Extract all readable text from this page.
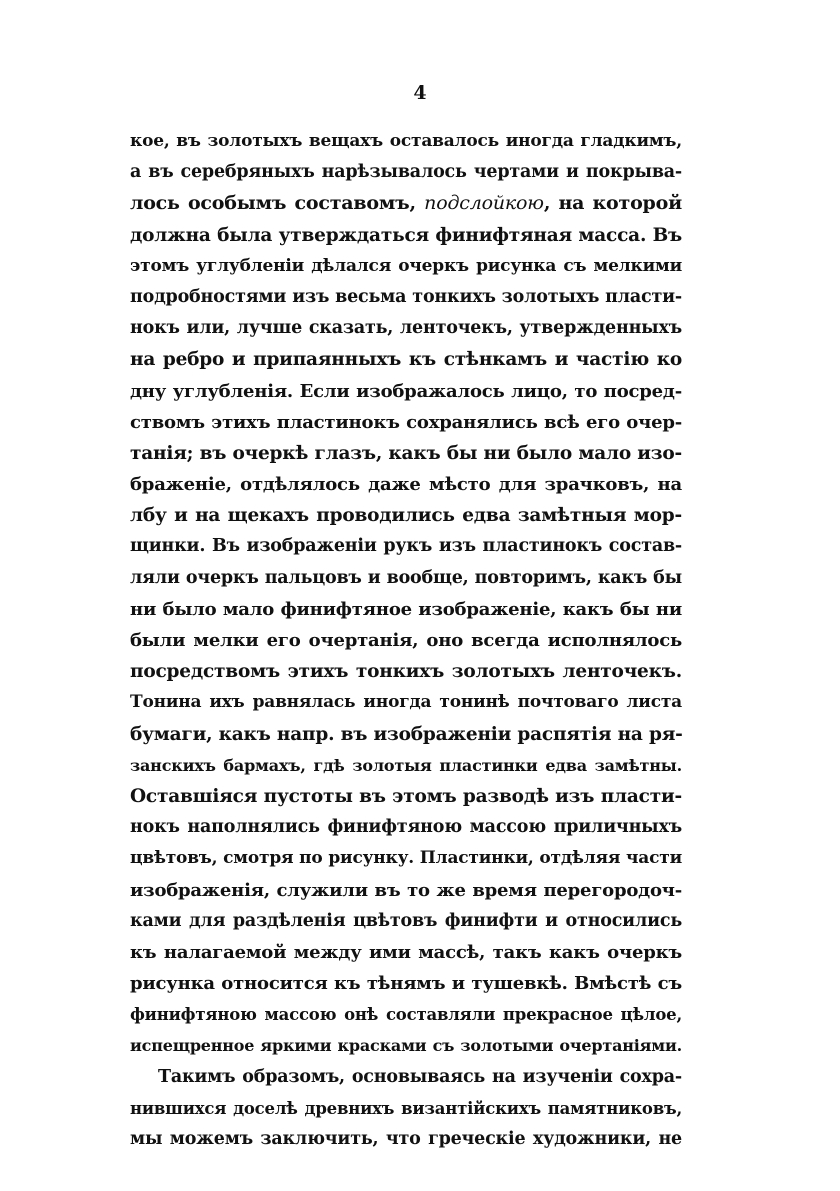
4
кое, въ золотыхъ вещахъ оставалось иногда гладкимъ,
а въ серебряныхъ нарѣзывалось чертами и покрыва-
лось особымъ составомъ, подслойкою, на которой
должна была утверждаться финифтяная масса. Въ
этомъ углубленіи дѣлался очеркъ рисунка съ мелкими
подробностями изъ весьма тонкихъ золотыхъ пласти-
нокъ или, лучше сказать, ленточекъ, утвержденныхъ
на ребро и припаянныхъ къ стѣнкамъ и частію ко
дну углубленія. Если изображалось лицо, то посред-
ствомъ этихъ пластинокъ сохранялись всѣ его очер-
танія; въ очеркѣ глазъ, какъ бы ни было мало изо-
браженіе, отдѣлялось даже мѣсто для зрачковъ, на
лбу и на щекахъ проводились едва замѣтныя мор-
щинки. Въ изображеніи рукъ изъ пластинокъ состав-
ляли очеркъ пальцовъ и вообще, повторимъ, какъ бы
ни было мало финифтяное изображеніе, какъ бы ни
были мелки его очертанія, оно всегда исполнялось
посредствомъ этихъ тонкихъ золотыхъ ленточекъ.
Тонина ихъ равнялась иногда тонинѣ почтоваго листа
бумаги, какъ напр. въ изображеніи распятія на ря-
занскихъ бармахъ, гдѣ золотыя пластинки едва замѣтны.
Оставшіяся пустоты въ этомъ разводѣ изъ пласти-
нокъ наполнялись финифтяною массою приличныхъ
цвѣтовъ, смотря по рисунку. Пластинки, отдѣляя части
изображенія, служили въ то же время перегородоч-
ками для раздѣленія цвѣтовъ финифти и относились
къ налагаемой между ими массѣ, такъ какъ очеркъ
рисунка относится къ тѣнямъ и тушевкѣ. Вмѣстѣ съ
финифтяною массою онѣ составляли прекрасное цѣлое,
испещренное яркими красками съ золотыми очертаніями.
Такимъ образомъ, основываясь на изученіи сохра-
нившихся доселѣ древнихъ византійскихъ памятниковъ,
мы можемъ заключить, что греческіе художники, не
